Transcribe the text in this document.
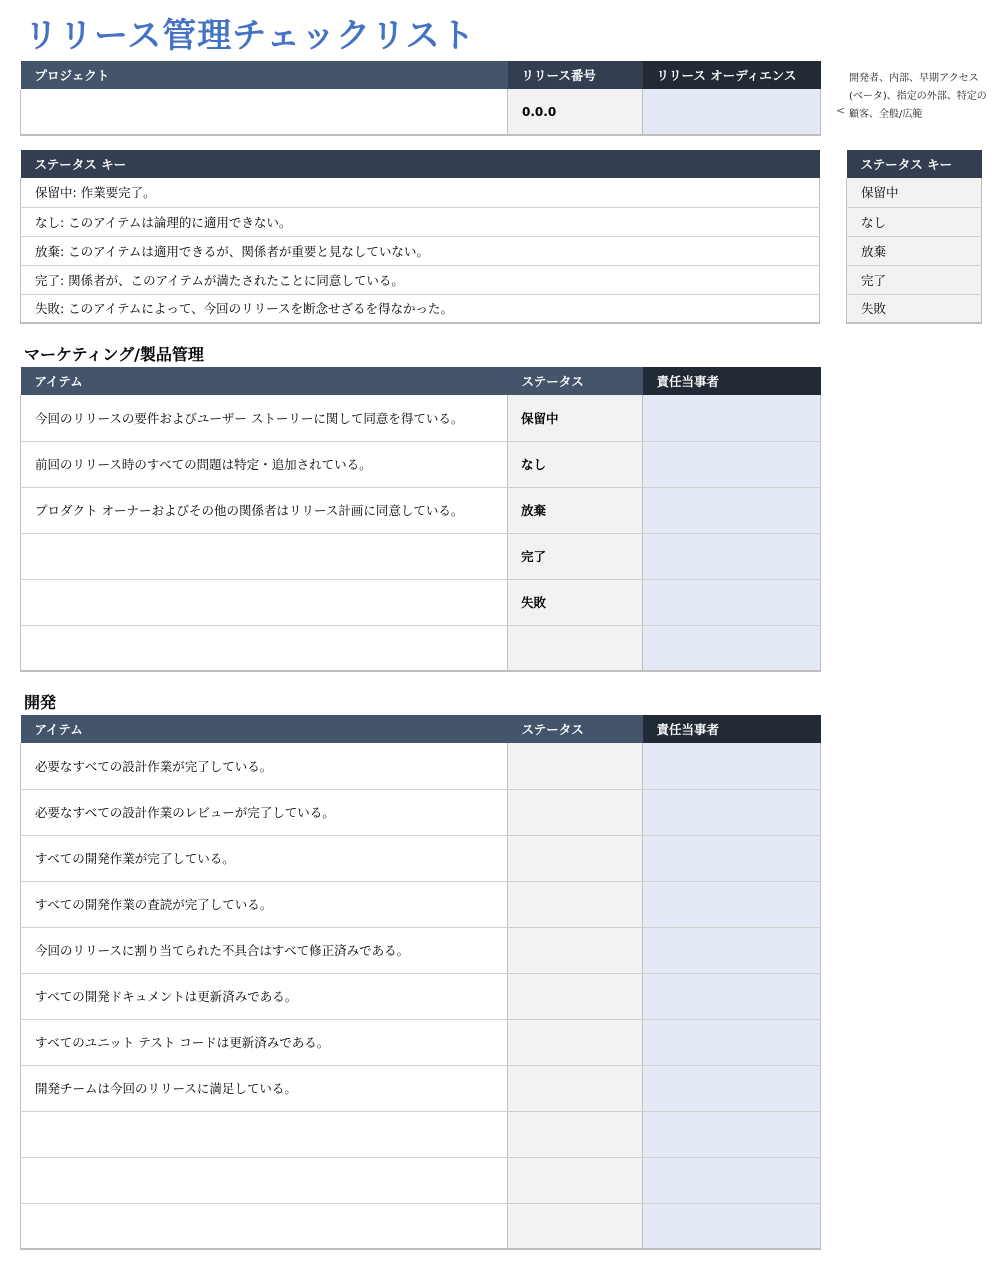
リリース管理チェックリスト
プロジェクト	リリース番号	リリース オーディエンス
	0.0.0		<
開発者、内部、早期アクセス (ベータ)、指定の外部、特定の顧客、全般/広範
ステータス キー
保留中: 作業要完了。
なし: このアイテムは論理的に適用できない。
放棄: このアイテムは適用できるが、関係者が重要と見なしていない。
完了: 関係者が、このアイテムが満たされたことに同意している。
失敗: このアイテムによって、今回のリリースを断念せざるを得なかった。
ステータス キー
保留中
なし
放棄
完了
失敗
マーケティング/製品管理
アイテム	ステータス	責任当事者
今回のリリースの要件およびユーザー ストーリーに関して同意を得ている。	保留中	
前回のリリース時のすべての問題は特定・追加されている。	なし	
プロダクト オーナーおよびその他の関係者はリリース計画に同意している。	放棄	
	完了	
	失敗	

開発
アイテム	ステータス	責任当事者
必要なすべての設計作業が完了している。		
必要なすべての設計作業のレビューが完了している。		
すべての開発作業が完了している。		
すべての開発作業の査読が完了している。		
今回のリリースに割り当てられた不具合はすべて修正済みである。		
すべての開発ドキュメントは更新済みである。		
すべてのユニット テスト コードは更新済みである。		
開発チームは今回のリリースに満足している。		
